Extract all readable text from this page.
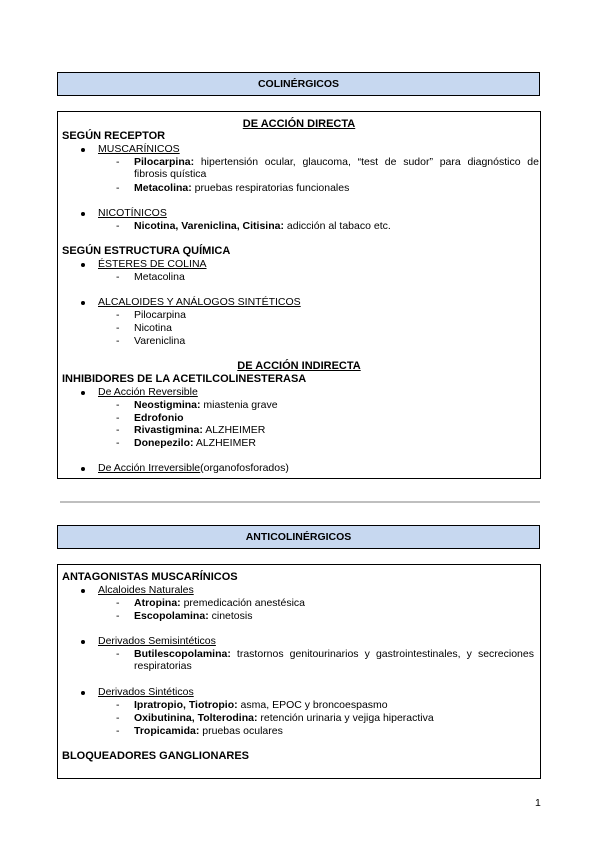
COLINÉRGICOS
DE ACCIÓN DIRECTA
SEGÚN RECEPTOR
MUSCARÍNICOS
- Pilocarpina: hipertensión ocular, glaucoma, “test de sudor” para diagnóstico de fibrosis quística
- Metacolina: pruebas respiratorias funcionales
NICOTÍNICOS
- Nicotina, Vareniclina, Citisina: adicción al tabaco etc.
SEGÚN ESTRUCTURA QUÍMICA
ÉSTERES DE COLINA
- Metacolina
ALCALOIDES Y ANÁLOGOS SINTÉTICOS
- Pilocarpina
- Nicotina
- Vareniclina
DE ACCIÓN INDIRECTA
INHIBIDORES DE LA ACETILCOLINESTERASA
De Acción Reversible
- Neostigmina: miastenia grave
- Edrofonio
- Rivastigmina: ALZHEIMER
- Donepezilo: ALZHEIMER
De Acción Irreversible(organofosforados)
ANTICOLINÉRGICOS
ANTAGONISTAS MUSCARÍNICOS
Alcaloides Naturales
- Atropina: premedicación anestésica
- Escopolamina: cinetosis
Derivados Semisintéticos
- Butilescopolamina: trastornos genitourinarios y gastrointestinales, y secreciones respiratorias
Derivados Sintéticos
- Ipratropio, Tiotropio: asma, EPOC y broncoespasmo
- Oxibutinina, Tolterodina: retención urinaria y vejiga hiperactiva
- Tropicamida: pruebas oculares
BLOQUEADORES GANGLIONARES
1
